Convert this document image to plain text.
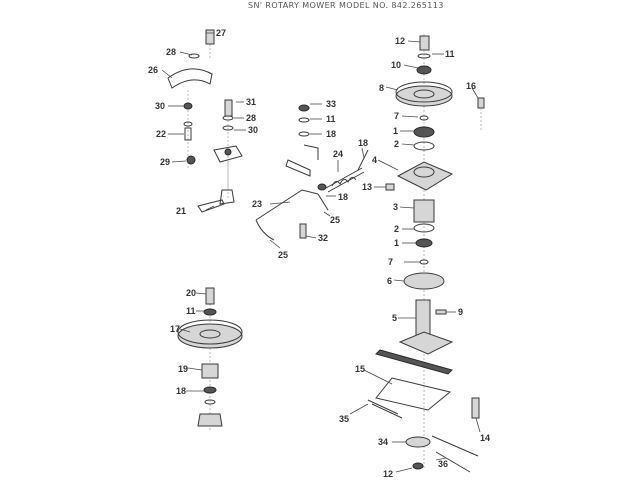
SN' ROTARY MOWER MODEL NO. 842.265113
27
28
26
30
22
29
31
28
30
21
33
11
18
18
24
18
23
25
32
25
12
11
10
8	16
7
1
2
4
13
3
2
1
7
6
5
9
15
35
14
34
36
12
20
11
17
19
18
